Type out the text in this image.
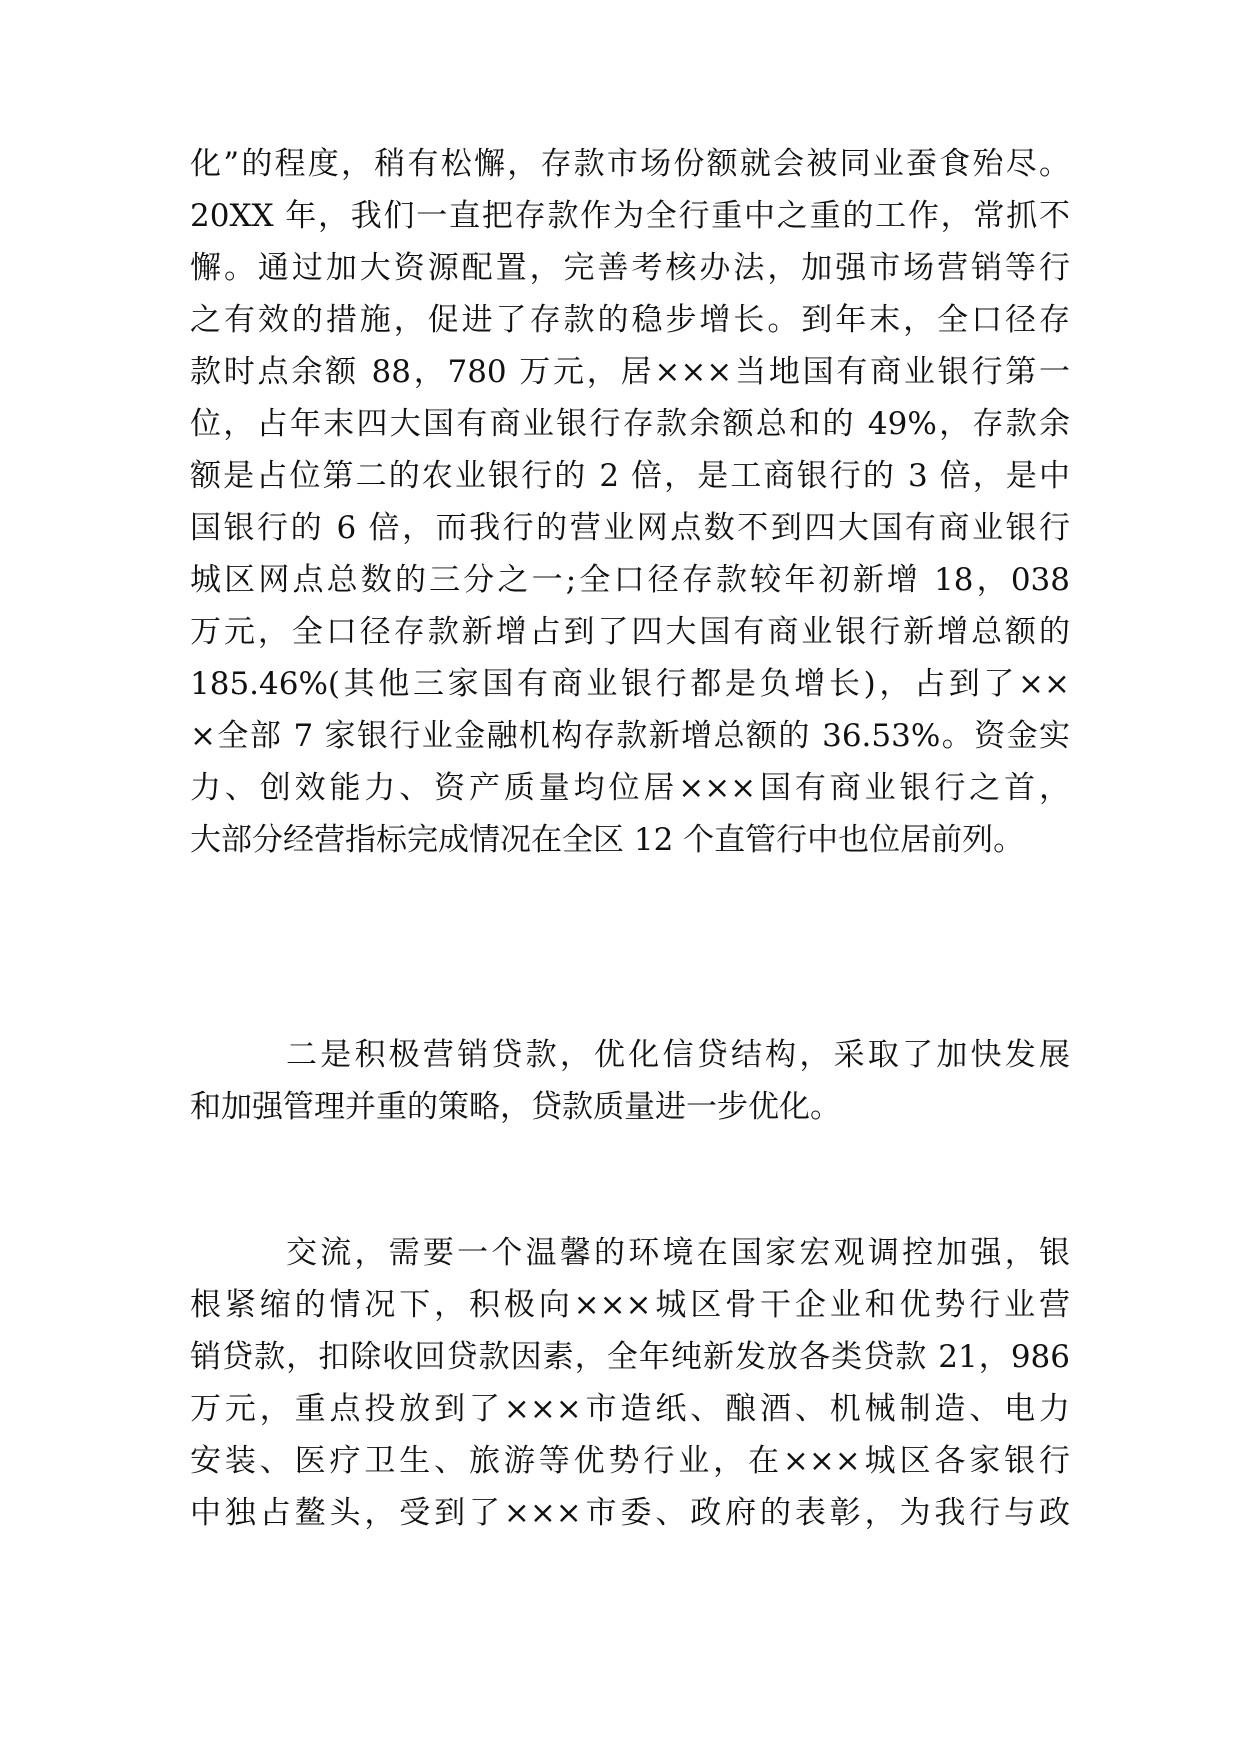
化”的程度，稍有松懈，存款市场份额就会被同业蚕食殆尽。
20XX 年，我们一直把存款作为全行重中之重的工作，常抓不
懈。通过加大资源配置，完善考核办法，加强市场营销等行
之有效的措施，促进了存款的稳步增长。到年末，全口径存
款时点余额 88，780 万元，居×××当地国有商业银行第一
位，占年末四大国有商业银行存款余额总和的 49%，存款余
额是占位第二的农业银行的 2 倍，是工商银行的 3 倍，是中
国银行的 6 倍，而我行的营业网点数不到四大国有商业银行
城区网点总数的三分之一;全口径存款较年初新增 18，038
万元，全口径存款新增占到了四大国有商业银行新增总额的
185.46%(其他三家国有商业银行都是负增长)，占到了××
×全部 7 家银行业金融机构存款新增总额的 36.53%。资金实
力、创效能力、资产质量均位居×××国有商业银行之首，
大部分经营指标完成情况在全区 12 个直管行中也位居前列。
二是积极营销贷款，优化信贷结构，采取了加快发展
和加强管理并重的策略，贷款质量进一步优化。
交流，需要一个温馨的环境在国家宏观调控加强，银
根紧缩的情况下，积极向×××城区骨干企业和优势行业营
销贷款，扣除收回贷款因素，全年纯新发放各类贷款 21，986
万元，重点投放到了×××市造纸、酿酒、机械制造、电力
安装、医疗卫生、旅游等优势行业，在×××城区各家银行
中独占鳌头，受到了×××市委、政府的表彰，为我行与政
